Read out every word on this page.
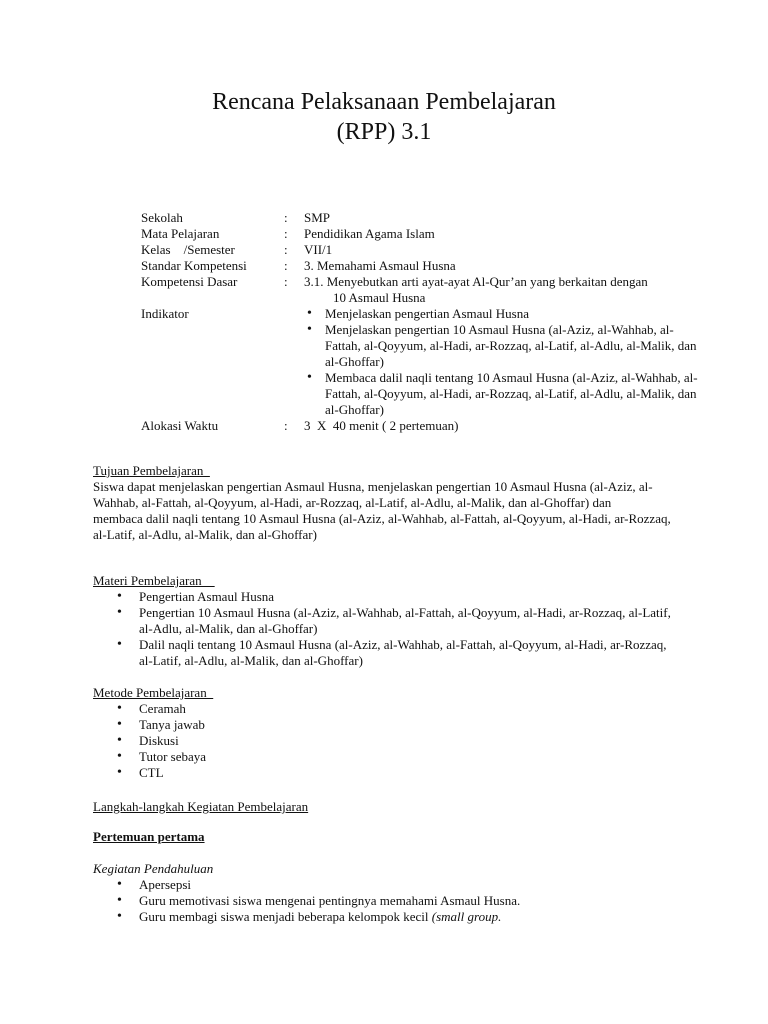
Rencana Pelaksanaan Pembelajaran
(RPP) 3.1
Sekolah	: SMP
Mata Pelajaran	: Pendidikan Agama Islam
Kelas    /Semester	: VII/1
Standar Kompetensi	: 3. Memahami Asmaul Husna
Kompetensi Dasar	: 3.1. Menyebutkan arti ayat-ayat Al-Qur’an yang berkaitan dengan
10 Asmaul Husna
Indikator
•	Menjelaskan pengertian Asmaul Husna
• Menjelaskan pengertian 10 Asmaul Husna (al-Aziz, al-Wahhab, al-Fattah, al-Qoyyum, al-Hadi, ar-Rozzaq, al-Latif, al-Adlu, al-Malik, dan al-Ghoffar)
• Membaca dalil naqli tentang 10 Asmaul Husna (al-Aziz, al-Wahhab, al-Fattah, al-Qoyyum, al-Hadi, ar-Rozzaq, al-Latif, al-Adlu, al-Malik, dan al-Ghoffar)
Alokasi Waktu	: 3  X  40 menit ( 2 pertemuan)
Tujuan Pembelajaran

Siswa dapat menjelaskan pengertian Asmaul Husna, menjelaskan pengertian 10 Asmaul Husna (al-Aziz, al-Wahhab, al-Fattah, al-Qoyyum, al-Hadi, ar-Rozzaq, al-Latif, al-Adlu, al-Malik, dan al-Ghoffar) dan

membaca dalil naqli tentang 10 Asmaul Husna (al-Aziz, al-Wahhab, al-Fattah, al-Qoyyum, al-Hadi, ar-Rozzaq, al-Latif, al-Adlu, al-Malik, dan al-Ghoffar)

Materi Pembelajaran
• Pengertian Asmaul Husna
• Pengertian 10 Asmaul Husna (al-Aziz, al-Wahhab, al-Fattah, al-Qoyyum, al-Hadi, ar-Rozzaq, al-Latif, al-Adlu, al-Malik, dan al-Ghoffar)
• Dalil naqli tentang 10 Asmaul Husna (al-Aziz, al-Wahhab, al-Fattah, al-Qoyyum, al-Hadi, ar-Rozzaq, al-Latif, al-Adlu, al-Malik, dan al-Ghoffar)
Metode Pembelajaran
• Ceramah
• Tanya jawab
• Diskusi
• Tutor sebaya
• CTL
Langkah-langkah Kegiatan Pembelajaran
Pertemuan pertama
Kegiatan Pendahuluan
• Apersepsi
• Guru memotivasi siswa mengenai pentingnya memahami Asmaul Husna.
• Guru membagi siswa menjadi beberapa kelompok kecil (small group.
